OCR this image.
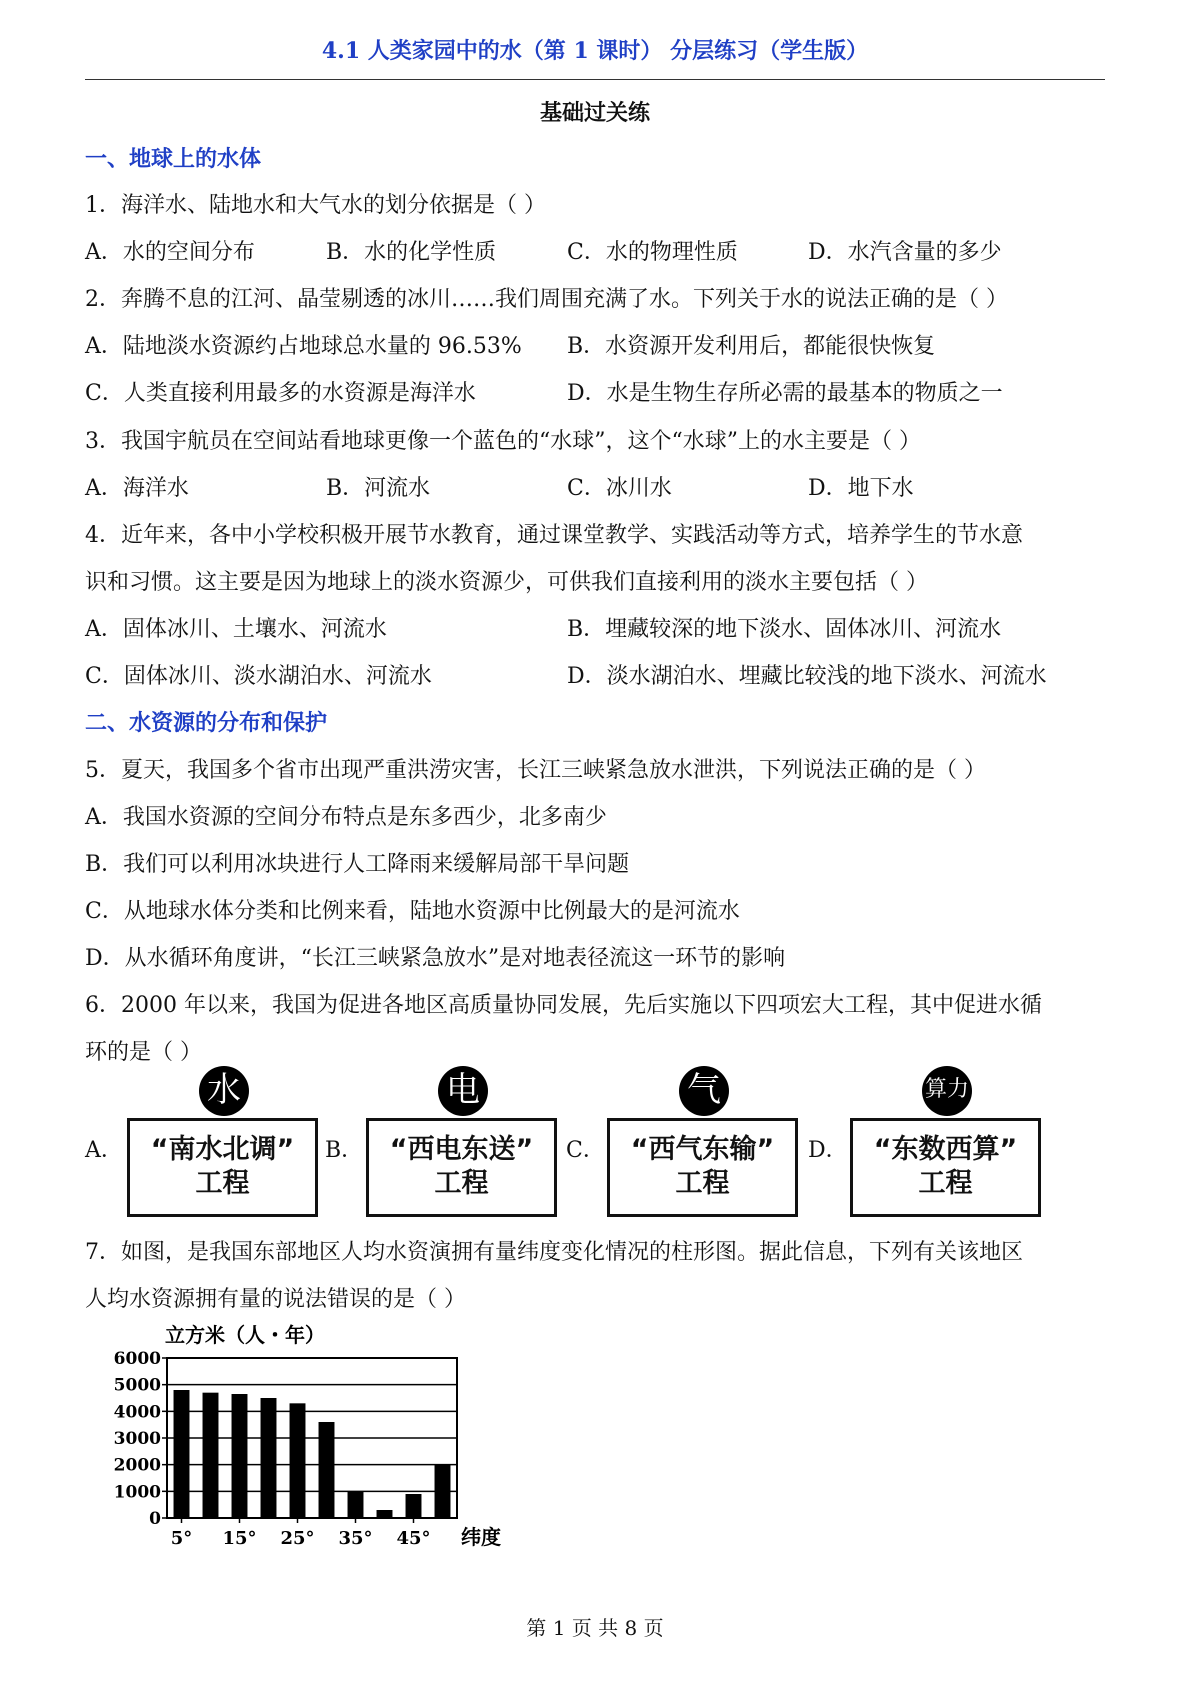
4.1 人类家园中的水（第 1 课时） 分层练习（学生版）
基础过关练
一、地球上的水体
1．海洋水、陆地水和大气水的划分依据是（ ）
A．水的空间分布	B．水的化学性质	C．水的物理性质	D．水汽含量的多少
2．奔腾不息的江河、晶莹剔透的冰川……我们周围充满了水。下列关于水的说法正确的是（ ）
A．陆地淡水资源约占地球总水量的 96.53% B．水资源开发利用后，都能很快恢复
C．人类直接利用最多的水资源是海洋水	D．水是生物生存所必需的最基本的物质之一
3．我国宇航员在空间站看地球更像一个蓝色的“水球”，这个“水球”上的水主要是（ ）
A．海洋水	B．河流水	C．冰川水	D．地下水
4．近年来，各中小学校积极开展节水教育，通过课堂教学、实践活动等方式，培养学生的节水意
识和习惯。这主要是因为地球上的淡水资源少，可供我们直接利用的淡水主要包括（ ）
A．固体冰川、土壤水、河流水	B．埋藏较深的地下淡水、固体冰川、河流水
C．固体冰川、淡水湖泊水、河流水	D．淡水湖泊水、埋藏比较浅的地下淡水、河流水
二、水资源的分布和保护
5．夏天，我国多个省市出现严重洪涝灾害，长江三峡紧急放水泄洪，下列说法正确的是（ ）
A．我国水资源的空间分布特点是东多西少，北多南少
B．我们可以利用冰块进行人工降雨来缓解局部干旱问题
C．从地球水体分类和比例来看，陆地水资源中比例最大的是河流水
D．从水循环角度讲，“长江三峡紧急放水”是对地表径流这一环节的影响
6．2000 年以来，我国为促进各地区高质量协同发展，先后实施以下四项宏大工程，其中促进水循
环的是（ ）
A．
水
“南水北调”
工程
B．
电
“西电东送”
工程
C．
气
“西气东输”
工程
D．
算力
“东数西算”
工程
7．如图，是我国东部地区人均水资演拥有量纬度变化情况的柱形图。据此信息，下列有关该地区
人均水资源拥有量的说法错误的是（ ）
立方米（人・年）
0
1000
2000
3000
4000
5000
6000
5° 15° 25° 35° 45° 纬度
第 1 页 共 8 页
